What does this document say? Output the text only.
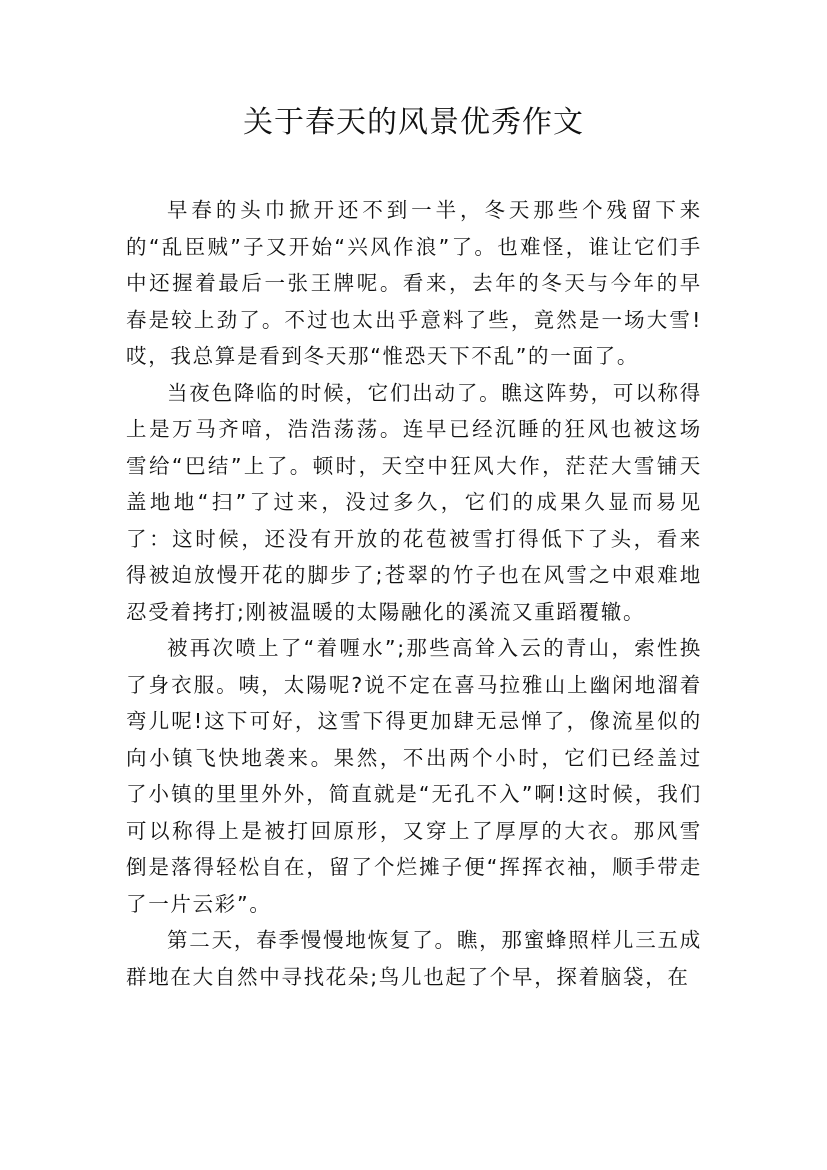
关于春天的风景优秀作文

早春的头巾掀开还不到一半，冬天那些个残留下来的“乱臣贼”子又开始“兴风作浪”了。也难怪，谁让它们手中还握着最后一张王牌呢。看来，去年的冬天与今年的早春是较上劲了。不过也太出乎意料了些，竟然是一场大雪!哎，我总算是看到冬天那“惟恐天下不乱”的一面了。

当夜色降临的时候，它们出动了。瞧这阵势，可以称得上是万马齐喑，浩浩荡荡。连早已经沉睡的狂风也被这场雪给“巴结”上了。顿时，天空中狂风大作，茫茫大雪铺天盖地地“扫”了过来，没过多久，它们的成果久显而易见了：这时候，还没有开放的花苞被雪打得低下了头，看来得被迫放慢开花的脚步了;苍翠的竹子也在风雪之中艰难地忍受着拷打;刚被温暖的太陽融化的溪流又重蹈覆辙。

被再次喷上了“着喱水”;那些高耸入云的青山，索性换了身衣服。咦，太陽呢?说不定在喜马拉雅山上幽闲地溜着弯儿呢!这下可好，这雪下得更加肆无忌惮了，像流星似的向小镇飞快地袭来。果然，不出两个小时，它们已经盖过了小镇的里里外外，简直就是“无孔不入”啊!这时候，我们可以称得上是被打回原形，又穿上了厚厚的大衣。那风雪倒是落得轻松自在，留了个烂摊子便“挥挥衣袖，顺手带走了一片云彩”。

第二天，春季慢慢地恢复了。瞧，那蜜蜂照样儿三五成群地在大自然中寻找花朵;鸟儿也起了个早，探着脑袋，在
